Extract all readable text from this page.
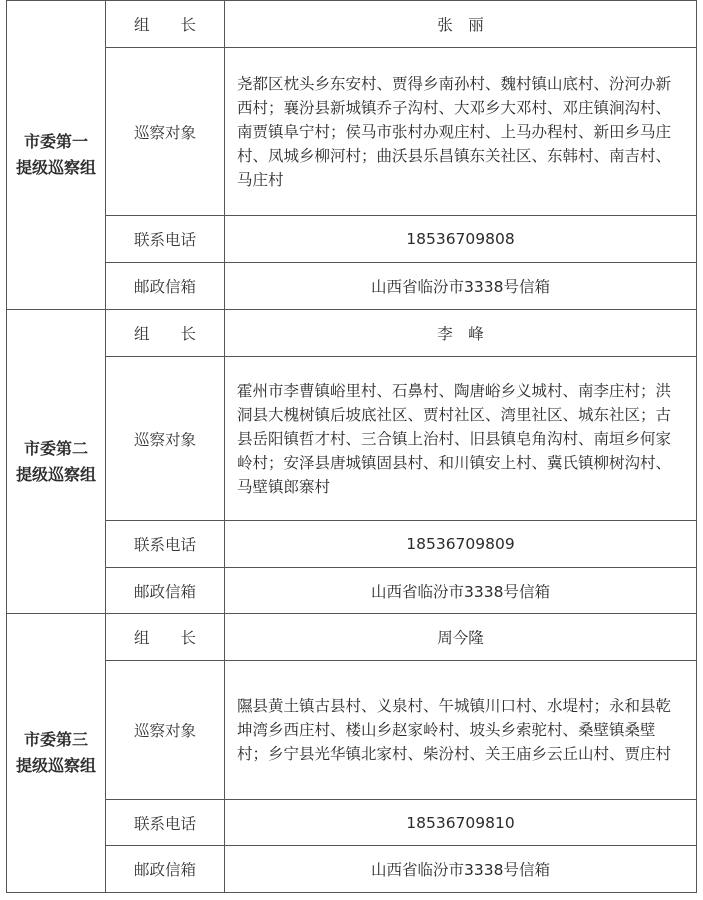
市委第一
提级巡察组	组　　长	张　丽
	巡察对象	尧都区枕头乡东安村、贾得乡南孙村、魏村镇山底村、汾河办新西村；襄汾县新城镇乔子沟村、大邓乡大邓村、邓庄镇涧沟村、南贾镇阜宁村；侯马市张村办观庄村、上马办程村、新田乡马庄村、凤城乡柳河村；曲沃县乐昌镇东关社区、东韩村、南吉村、马庄村
	联系电话	18536709808
	邮政信箱	山西省临汾市3338号信箱

市委第二
提级巡察组	组　　长	李　峰
	巡察对象	霍州市李曹镇峪里村、石鼻村、陶唐峪乡义城村、南李庄村；洪洞县大槐树镇后坡底社区、贾村社区、湾里社区、城东社区；古县岳阳镇哲才村、三合镇上治村、旧县镇皂角沟村、南垣乡何家岭村；安泽县唐城镇固县村、和川镇安上村、冀氏镇柳树沟村、马壁镇郎寨村
	联系电话	18536709809
	邮政信箱	山西省临汾市3338号信箱

市委第三
提级巡察组	组　　长	周今隆
	巡察对象	隰县黄土镇古县村、义泉村、午城镇川口村、水堤村；永和县乾坤湾乡西庄村、楼山乡赵家岭村、坡头乡索驼村、桑壁镇桑壁村；乡宁县光华镇北家村、柴汾村、关王庙乡云丘山村、贾庄村
	联系电话	18536709810
	邮政信箱	山西省临汾市3338号信箱
